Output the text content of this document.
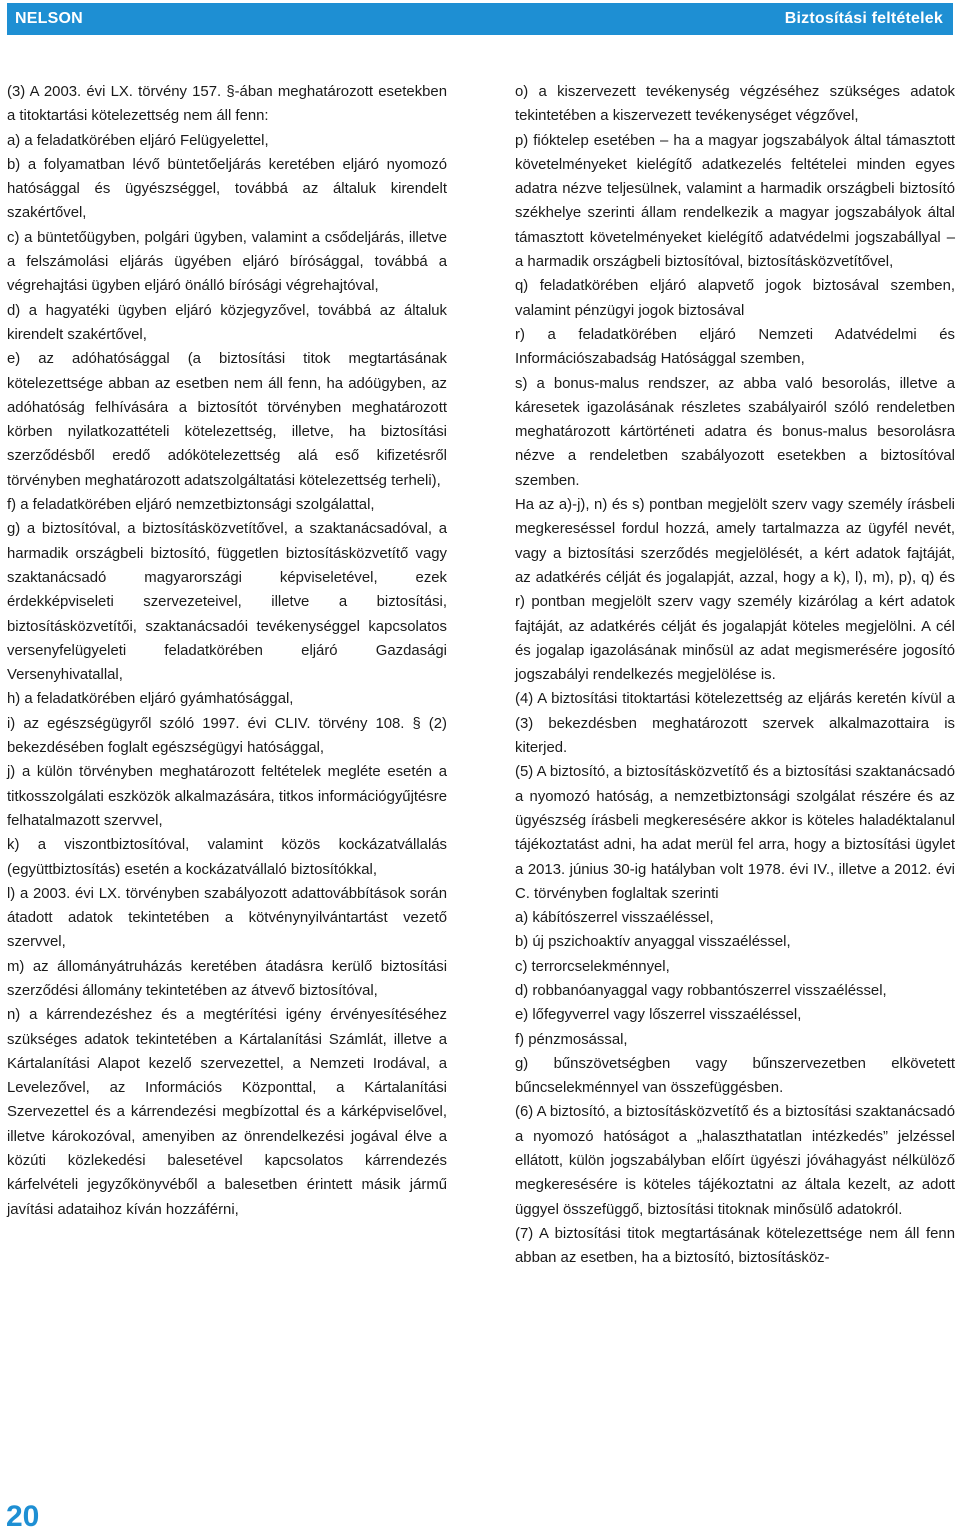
NELSON	Biztosítási feltételek

(3) A 2003. évi LX. törvény 157. §-ában meghatározott esetekben a titoktartási kötelezettség nem áll fenn:

a) a feladatkörében eljáró Felügyelettel,

b) a folyamatban lévő büntetőeljárás keretében eljáró nyomozó hatósággal és ügyészséggel, továbbá az általuk kirendelt szakértővel,

c) a büntetőügyben, polgári ügyben, valamint a csődeljárás, illetve a felszámolási eljárás ügyében eljáró bírósággal, továbbá a végrehajtási ügyben eljáró önálló bírósági végrehajtóval,

d) a hagyatéki ügyben eljáró közjegyzővel, továbbá az általuk kirendelt szakértővel,

e) az adóhatósággal (a biztosítási titok megtartásának kötelezettsége abban az esetben nem áll fenn, ha adóügyben, az adóhatóság felhívására a biztosítót törvényben meghatározott körben nyilatkozattételi kötelezettség, illetve, ha biztosítási szerződésből eredő adókötelezettség alá eső kifizetésről törvényben meghatározott adatszolgáltatási kötelezettség terheli),

f) a feladatkörében eljáró nemzetbiztonsági szolgálattal,

g) a biztosítóval, a biztosításközvetítővel, a szaktanácsadóval, a harmadik országbeli biztosító, független biztosításközvetítő vagy szaktanácsadó magyarországi képviseletével, ezek érdekképviseleti szervezeteivel, illetve a biztosítási, biztosításközvetítői, szaktanácsadói tevékenységgel kapcsolatos versenyfelügyeleti feladatkörében eljáró Gazdasági Versenyhivatallal,

h) a feladatkörében eljáró gyámhatósággal,

i) az egészségügyről szóló 1997. évi CLIV. törvény 108. § (2) bekezdésében foglalt egészségügyi hatósággal,

j) a külön törvényben meghatározott feltételek megléte esetén a titkosszolgálati eszközök alkalmazására, titkos információgyűjtésre felhatalmazott szervvel,

k) a viszontbiztosítóval, valamint közös kockázatvállalás (együttbiztosítás) esetén a kockázatvállaló biztosítókkal,

l) a 2003. évi LX. törvényben szabályozott adattovábbítások során átadott adatok tekintetében a kötvénynyilvántartást vezető szervvel,

m) az állományátruházás keretében átadásra kerülő biztosítási szerződési állomány tekintetében az átvevő biztosítóval,

n) a kárrendezéshez és a megtérítési igény érvényesítéséhez szükséges adatok tekintetében a Kártalanítási Számlát, illetve a Kártalanítási Alapot kezelő szervezettel, a Nemzeti Irodával, a Levelezővel, az Információs Központtal, a Kártalanítási Szervezettel és a kárrendezési megbízottal és a kárképviselővel, illetve károkozóval, amenyiben az önrendelkezési jogával élve a közúti közlekedési balesetével kapcsolatos kárrendezés kárfelvételi jegyzőkönyvéből a balesetben érintett másik jármű javítási adataihoz kíván hozzáférni,

o) a kiszervezett tevékenység végzéséhez szükséges adatok tekintetében a kiszervezett tevékenységet végzővel,

p) fióktelep esetében – ha a magyar jogszabályok által támasztott követelményeket kielégítő adatkezelés feltételei minden egyes adatra nézve teljesülnek, valamint a harmadik országbeli biztosító székhelye szerinti állam rendelkezik a magyar jogszabályok által támasztott követelményeket kielégítő adatvédelmi jogszabállyal – a harmadik országbeli biztosítóval, biztosításközvetítővel,

q) feladatkörében eljáró alapvető jogok biztosával szemben, valamint pénzügyi jogok biztosával

r) a feladatkörében eljáró Nemzeti Adatvédelmi és Információszabadság Hatósággal szemben,

s) a bonus-malus rendszer, az abba való besorolás, illetve a káresetek igazolásának részletes szabályairól szóló rendeletben meghatározott kártörténeti adatra és bonus-malus besorolásra nézve a rendeletben szabályozott esetekben a biztosítóval szemben.

Ha az a)-j), n) és s) pontban megjelölt szerv vagy személy írásbeli megkereséssel fordul hozzá, amely tartalmazza az ügyfél nevét, vagy a biztosítási szerződés megjelölését, a kért adatok fajtáját, az adatkérés célját és jogalapját, azzal, hogy a k), l), m), p), q) és r) pontban megjelölt szerv vagy személy kizárólag a kért adatok fajtáját, az adatkérés célját és jogalapját köteles megjelölni. A cél és jogalap igazolásának minősül az adat megismerésére jogosító jogszabályi rendelkezés megjelölése is.

(4) A biztosítási titoktartási kötelezettség az eljárás keretén kívül a (3) bekezdésben meghatározott szervek alkalmazottaira is kiterjed.

(5) A biztosító, a biztosításközvetítő és a biztosítási szaktanácsadó a nyomozó hatóság, a nemzetbiztonsági szolgálat részére és az ügyészség írásbeli megkeresésére akkor is köteles haladéktalanul tájékoztatást adni, ha adat merül fel arra, hogy a biztosítási ügylet a 2013. június 30-ig hatályban volt 1978. évi IV., illetve a 2012. évi C. törvényben foglaltak szerinti

a) kábítószerrel visszaéléssel,

b) új pszichoaktív anyaggal visszaéléssel,

c) terrorcselekménnyel,

d) robbanóanyaggal vagy robbantószerrel visszaéléssel,

e) lőfegyverrel vagy lőszerrel visszaéléssel,

f) pénzmosással,

g) bűnszövetségben vagy bűnszervezetben elkövetett bűncselekménnyel van összefüggésben.

(6) A biztosító, a biztosításközvetítő és a biztosítási szaktanácsadó a nyomozó hatóságot a „halaszthatatlan intézkedés” jelzéssel ellátott, külön jogszabályban előírt ügyészi jóváhagyást nélkülöző megkeresésére is köteles tájékoztatni az általa kezelt, az adott üggyel összefüggő, biztosítási titoknak minősülő adatokról.

(7) A biztosítási titok megtartásának kötelezettsége nem áll fenn abban az esetben, ha a biztosító, biztosításköz-

20
